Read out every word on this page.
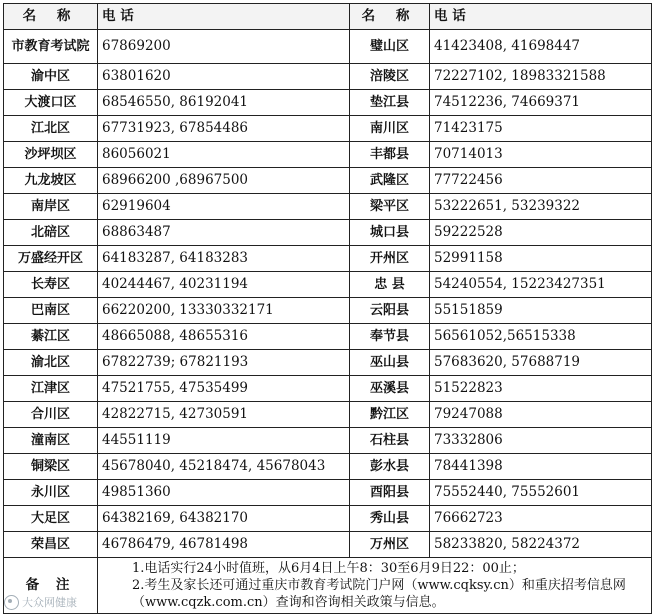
名 称	电 话	名 称	电 话
市教育考试院	67869200	璧山区	41423408, 41698447
渝中区	63801620	涪陵区	72227102, 18983321588
大渡口区	68546550, 86192041	垫江县	74512236, 74669371
江北区	67731923, 67854486	南川区	71423175
沙坪坝区	86056021	丰都县	70714013
九龙坡区	68966200 ,68967500	武隆区	77722456
南岸区	62919604	梁平区	53222651, 53239322
北碚区	68863487	城口县	59222528
万盛经开区	64183287, 64183283	开州区	52991158
长寿区	40244467, 40231194	忠 县	54240554, 15223427351
巴南区	66220200, 13330332171	云阳县	55151859
綦江区	48665088, 48655316	奉节县	56561052,56515338
渝北区	67822739; 67821193	巫山县	57683620, 57688719
江津区	47521755, 47535499	巫溪县	51522823
合川区	42822715, 42730591	黔江区	79247088
潼南区	44551119	石柱县	73332806
铜梁区	45678040, 45218474, 45678043	彭水县	78441398
永川区	49851360	酉阳县	75552440, 75552601
大足区	64382169, 64382170	秀山县	76662723
荣昌区	46786479, 46781498	万州区	58233820, 58224372
备 注	1.电话实行24小时值班，从6月4日上午8：30至6月9日22：00止；
2.考生及家长还可通过重庆市教育考试院门户网（www.cqksy.cn）和重庆招考信息网（www.cqzk.com.cn）查询和咨询相关政策与信息。		
大众网健康
